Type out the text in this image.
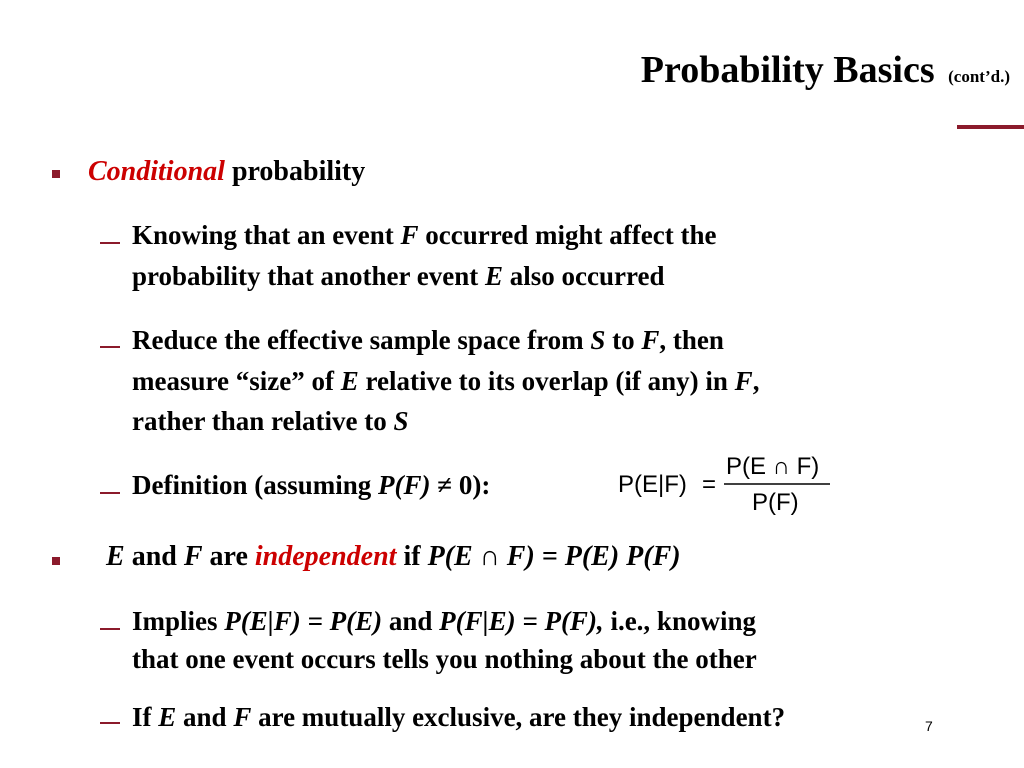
Probability Basics (cont’d.)
Conditional probability
Knowing that an event F occurred might affect the
probability that another event E also occurred
Reduce the effective sample space from S to F, then
measure “size” of E relative to its overlap (if any) in F,
rather than relative to S
Definition (assuming P(F) ≠ 0):	P(E|F) =
P(E ∩ F)
P(F)
E and F are independent if P(E ∩ F) = P(E) P(F)
Implies P(E|F) = P(E) and P(F|E) = P(F), i.e., knowing
that one event occurs tells you nothing about the other
If E and F are mutually exclusive, are they independent?	7
